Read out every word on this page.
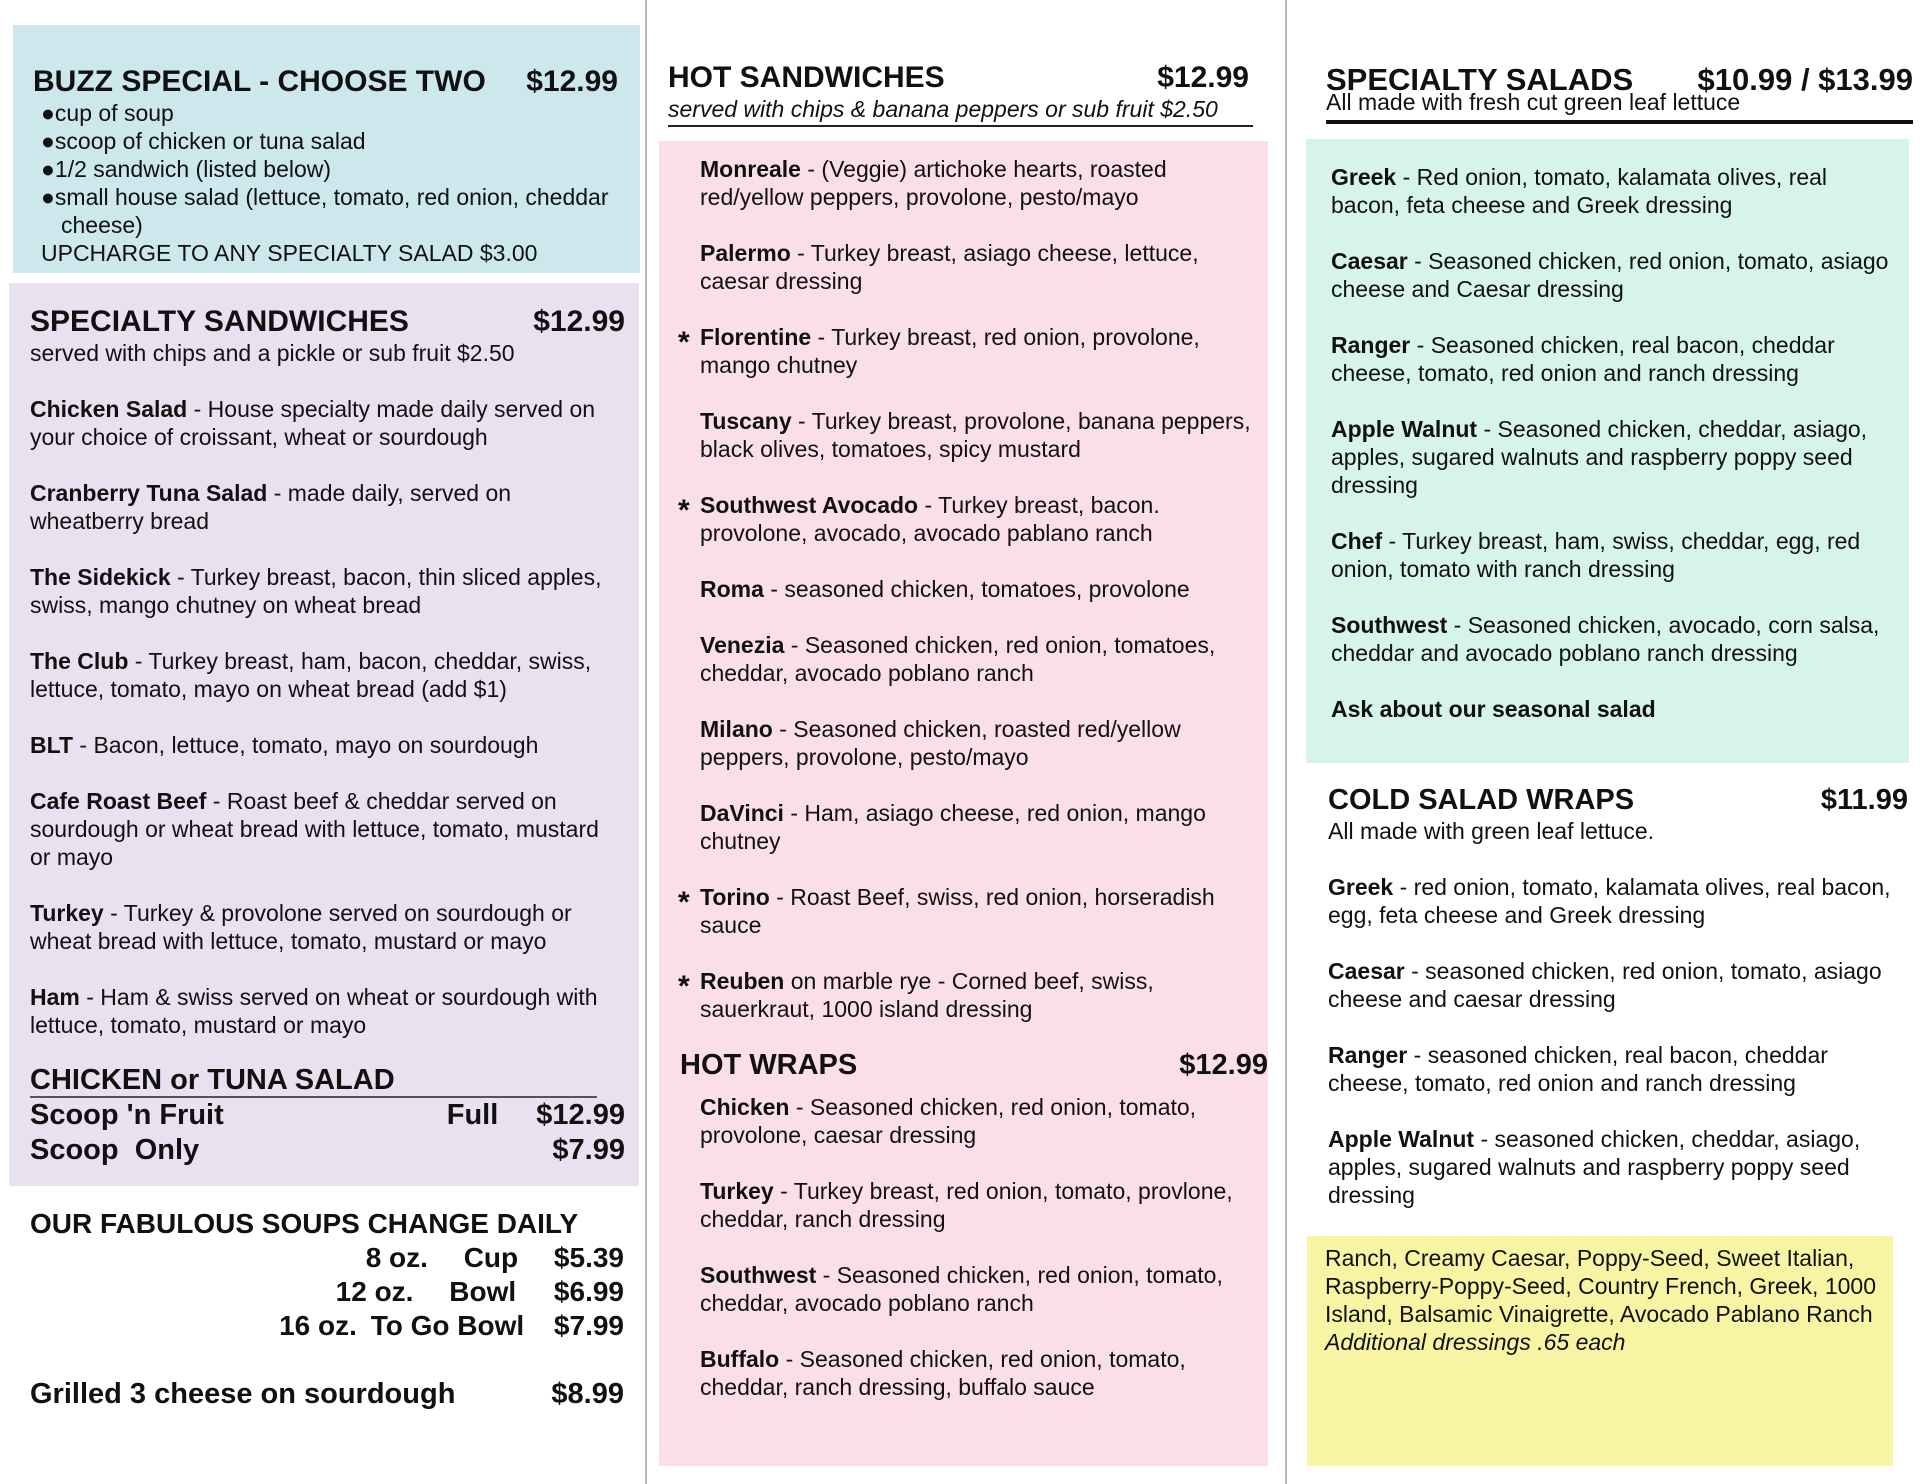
BUZZ SPECIAL - CHOOSE TWO $12.99
● cup of soup
● scoop of chicken or tuna salad
● 1/2 sandwich (listed below)
● small house salad (lettuce, tomato, red onion, cheddar cheese)
UPCHARGE TO ANY SPECIALTY SALAD $3.00
SPECIALTY SANDWICHES	$12.99
served with chips and a pickle or sub fruit $2.50
Chicken Salad - House specialty made daily served on your choice of croissant, wheat or sourdough
Cranberry Tuna Salad - made daily, served on wheatberry bread
The Sidekick - Turkey breast, bacon, thin sliced apples, swiss, mango chutney on wheat bread
The Club - Turkey breast, ham, bacon, cheddar, swiss, lettuce, tomato, mayo on wheat bread (add $1)
BLT - Bacon, lettuce, tomato, mayo on sourdough
Cafe Roast Beef - Roast beef & cheddar served on sourdough or wheat bread with lettuce, tomato, mustard or mayo
Turkey - Turkey & provolone served on sourdough or wheat bread with lettuce, tomato, mustard or mayo
Ham - Ham & swiss served on wheat or sourdough with lettuce, tomato, mustard or mayo
CHICKEN or TUNA SALAD
Scoop 'n Fruit	Full $12.99
Scoop  Only	$7.99
OUR FABULOUS SOUPS CHANGE DAILY
8 oz. Cup $5.39
12 oz. Bowl $6.99
16 oz. To Go Bowl $7.99
Grilled 3 cheese on sourdough	$8.99
HOT SANDWICHES	$12.99
served with chips & banana peppers or sub fruit $2.50
Monreale - (Veggie) artichoke hearts, roasted red/yellow peppers, provolone, pesto/mayo
Palermo - Turkey breast, asiago cheese, lettuce, caesar dressing
* Florentine - Turkey breast, red onion, provolone, mango chutney
Tuscany - Turkey breast, provolone, banana peppers, black olives, tomatoes, spicy mustard
* Southwest Avocado - Turkey breast, bacon. provolone, avocado, avocado pablano ranch
Roma - seasoned chicken, tomatoes, provolone
Venezia - Seasoned chicken, red onion, tomatoes, cheddar, avocado poblano ranch
Milano - Seasoned chicken, roasted red/yellow peppers, provolone, pesto/mayo
DaVinci - Ham, asiago cheese, red onion, mango chutney
* Torino - Roast Beef, swiss, red onion, horseradish sauce
* Reuben on marble rye - Corned beef, swiss, sauerkraut, 1000 island dressing
HOT WRAPS	$12.99
Chicken - Seasoned chicken, red onion, tomato, provolone, caesar dressing
Turkey - Turkey breast, red onion, tomato, provlone, cheddar, ranch dressing
Southwest - Seasoned chicken, red onion, tomato, cheddar, avocado poblano ranch
Buffalo - Seasoned chicken, red onion, tomato, cheddar, ranch dressing, buffalo sauce
SPECIALTY SALADS $10.99 / $13.99
All made with fresh cut green leaf lettuce
Greek - Red onion, tomato, kalamata olives, real bacon, feta cheese and Greek dressing
Caesar - Seasoned chicken, red onion, tomato, asiago cheese and Caesar dressing
Ranger - Seasoned chicken, real bacon, cheddar cheese, tomato, red onion and ranch dressing
Apple Walnut - Seasoned chicken, cheddar, asiago, apples, sugared walnuts and raspberry poppy seed dressing
Chef - Turkey breast, ham, swiss, cheddar, egg, red onion, tomato with ranch dressing
Southwest - Seasoned chicken, avocado, corn salsa, cheddar and avocado poblano ranch dressing
Ask about our seasonal salad
COLD SALAD WRAPS	$11.99
All made with green leaf lettuce.
Greek - red onion, tomato, kalamata olives, real bacon, egg, feta cheese and Greek dressing
Caesar - seasoned chicken, red onion, tomato, asiago cheese and caesar dressing
Ranger - seasoned chicken, real bacon, cheddar cheese, tomato, red onion and ranch dressing
Apple Walnut - seasoned chicken, cheddar, asiago, apples, sugared walnuts and raspberry poppy seed dressing
Ranch, Creamy Caesar, Poppy-Seed, Sweet Italian, Raspberry-Poppy-Seed, Country French, Greek, 1000 Island, Balsamic Vinaigrette, Avocado Pablano Ranch
Additional dressings .65 each
